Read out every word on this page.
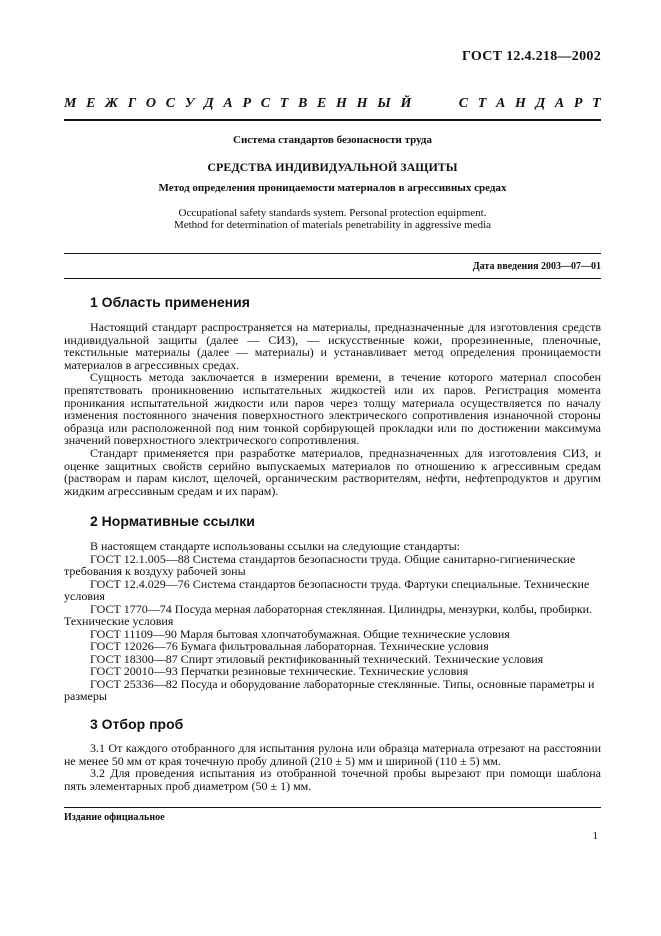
ГОСТ 12.4.218—2002
М Е Ж Г О С У Д А Р С Т В Е Н Н Ы Й	С Т А Н Д А Р Т
Система стандартов безопасности труда
СРЕДСТВА ИНДИВИДУАЛЬНОЙ ЗАЩИТЫ
Метод определения проницаемости материалов в агрессивных средах
Occupational safety standards system. Personal protection equipment.
Method for determination of materials penetrability in aggressive media
Дата введения 2003—07—01
1 Область применения

Настоящий стандарт распространяется на материалы, предназначенные для изготовления средств индивидуальной защиты (далее — СИЗ), — искусственные кожи, прорезиненные, пленочные, текстильные материалы (далее — материалы) и устанавливает метод определения проницаемости материалов в агрессивных средах.

Сущность метода заключается в измерении времени, в течение которого материал способен препятствовать проникновению испытательных жидкостей или их паров. Регистрация момента проникания испытательной жидкости или паров через толщу материала осуществляется по началу изменения постоянного значения поверхностного электрического сопротивления изнаночной стороны образца или расположенной под ним тонкой сорбирующей прокладки или по достижении максимума значений поверхностного электрического сопротивления.

Стандарт применяется при разработке материалов, предназначенных для изготовления СИЗ, и оценке защитных свойств серийно выпускаемых материалов по отношению к агрессивным средам (растворам и парам кислот, щелочей, органическим растворителям, нефти, нефтепродуктов и другим жидким агрессивным средам и их парам).

2 Нормативные ссылки
В настоящем стандарте использованы ссылки на следующие стандарты:
ГОСТ 12.1.005—88 Система стандартов безопасности труда. Общие санитарно-гигиенические требования к воздуху рабочей зоны
ГОСТ 12.4.029—76 Система стандартов безопасности труда. Фартуки специальные. Технические условия
ГОСТ 1770—74 Посуда мерная лабораторная стеклянная. Цилиндры, мензурки, колбы, пробирки. Технические условия
ГОСТ 11109—90 Марля бытовая хлопчатобумажная. Общие технические условия
ГОСТ 12026—76 Бумага фильтровальная лабораторная. Технические условия
ГОСТ 18300—87 Спирт этиловый ректификованный технический. Технические условия
ГОСТ 20010—93 Перчатки резиновые технические. Технические условия
ГОСТ 25336—82 Посуда и оборудование лабораторные стеклянные. Типы, основные параметры и размеры
3 Отбор проб

3.1 От каждого отобранного для испытания рулона или образца материала отрезают на расстоянии не менее 50 мм от края точечную пробу длиной (210 ± 5) мм и шириной (110 ± 5) мм.

3.2 Для проведения испытания из отобранной точечной пробы вырезают при помощи шаблона пять элементарных проб диаметром (50 ± 1) мм.

Издание официальное
1
